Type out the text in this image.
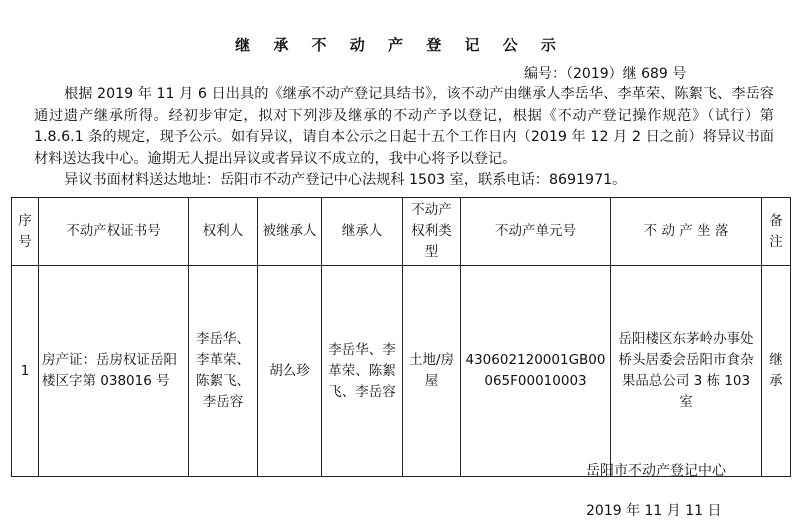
继 承 不 动 产 登 记 公 示
编号：（2019）继 689 号

根据 2019 年 11 月 6 日出具的《继承不动产登记具结书》，该不动产由继承人李岳华、李革荣、陈絮飞、李岳容通过遗产继承所得。经初步审定，拟对下列涉及继承的不动产予以登记，根据《不动产登记操作规范》（试行）第 1.8.6.1 条的规定，现予公示。如有异议，请自本公示之日起十五个工作日内（2019 年 12 月 2 日之前）将异议书面材料送达我中心。逾期无人提出异议或者异议不成立的，我中心将予以登记。

异议书面材料送达地址：岳阳市不动产登记中心法规科 1503 室，联系电话：8691971。

序号	不动产权证书号	权利人	被继承人	继承人	不动产权利类型	不动产单元号	不 动 产 坐 落	备注
1	房产证：岳房权证岳阳楼区字第 038016 号	李岳华、李革荣、陈絮飞、李岳容	胡么珍	李岳华、李革荣、陈絮飞、李岳容	土地/房屋	430602120001GB00065F00010003	岳阳楼区东茅岭办事处桥头居委会岳阳市食杂果品总公司 3 栋 103 室	继承
岳阳市不动产登记中心
2019 年 11 月 11 日
